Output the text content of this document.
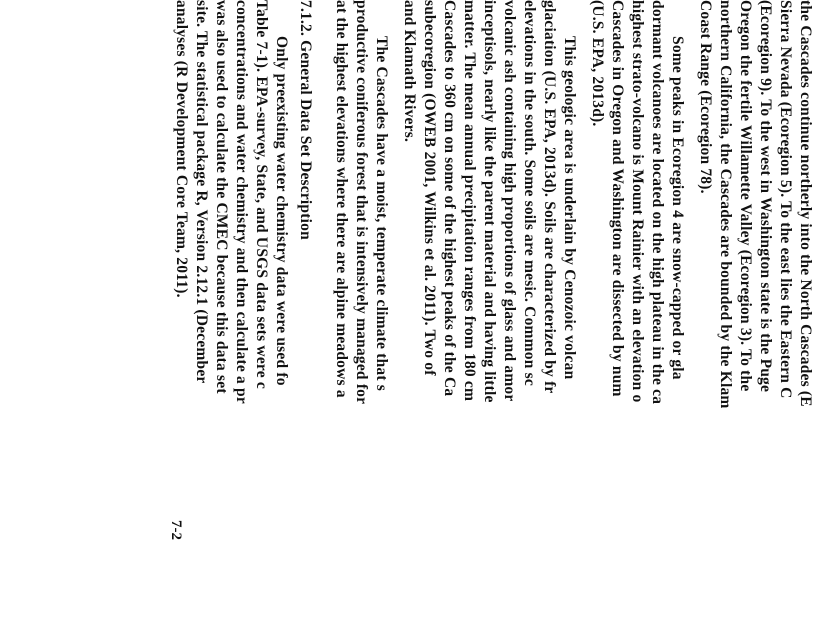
the Cascades continue northerly into the North Cascades (E
Sierra Nevada (Ecoregion 5). To the east lies the Eastern C
(Ecoregion 9). To the west in Washington state is the Puge
Oregon the fertile Willamette Valley (Ecoregion 3). To the
northern California, the Cascades are bounded by the Klam
Coast Range (Ecoregion 78).
Some peaks in Ecoregion 4 are snow-capped or gla
dormant volcanoes are located on the high plateau in the ca
highest strato-volcano is Mount Rainier with an elevation o
Cascades in Oregon and Washington are dissected by num
(U.S. EPA, 2013d).
This geologic area is underlain by Cenozoic volcan
glaciation (U.S. EPA, 2013d). Soils are characterized by fr
elevations in the south. Some soils are mesic. Common sc
volcanic ash containing high proportions of glass and amor
inceptisols, nearly like the parent material and having little
matter. The mean annual precipitation ranges from 180 cm
Cascades to 360 cm on some of the highest peaks of the Ca
subecoregion (OWEB 2001, Wilkins et al. 2011). Two of
and Klamath Rivers.
The Cascades have a moist, temperate climate that s
productive coniferous forest that is intensively managed for
at the highest elevations where there are alpine meadows a
7.1.2. General Data Set Description
Only preexisting water chemistry data were used fo
Table 7-1). EPA-survey, State, and USGS data sets were c
concentrations and water chemistry and then calculate a pr
was also used to calculate the CMEC because this data set
site. The statistical package R, Version 2.12.1 (December
analyses (R Development Core Team, 2011).
7-2
